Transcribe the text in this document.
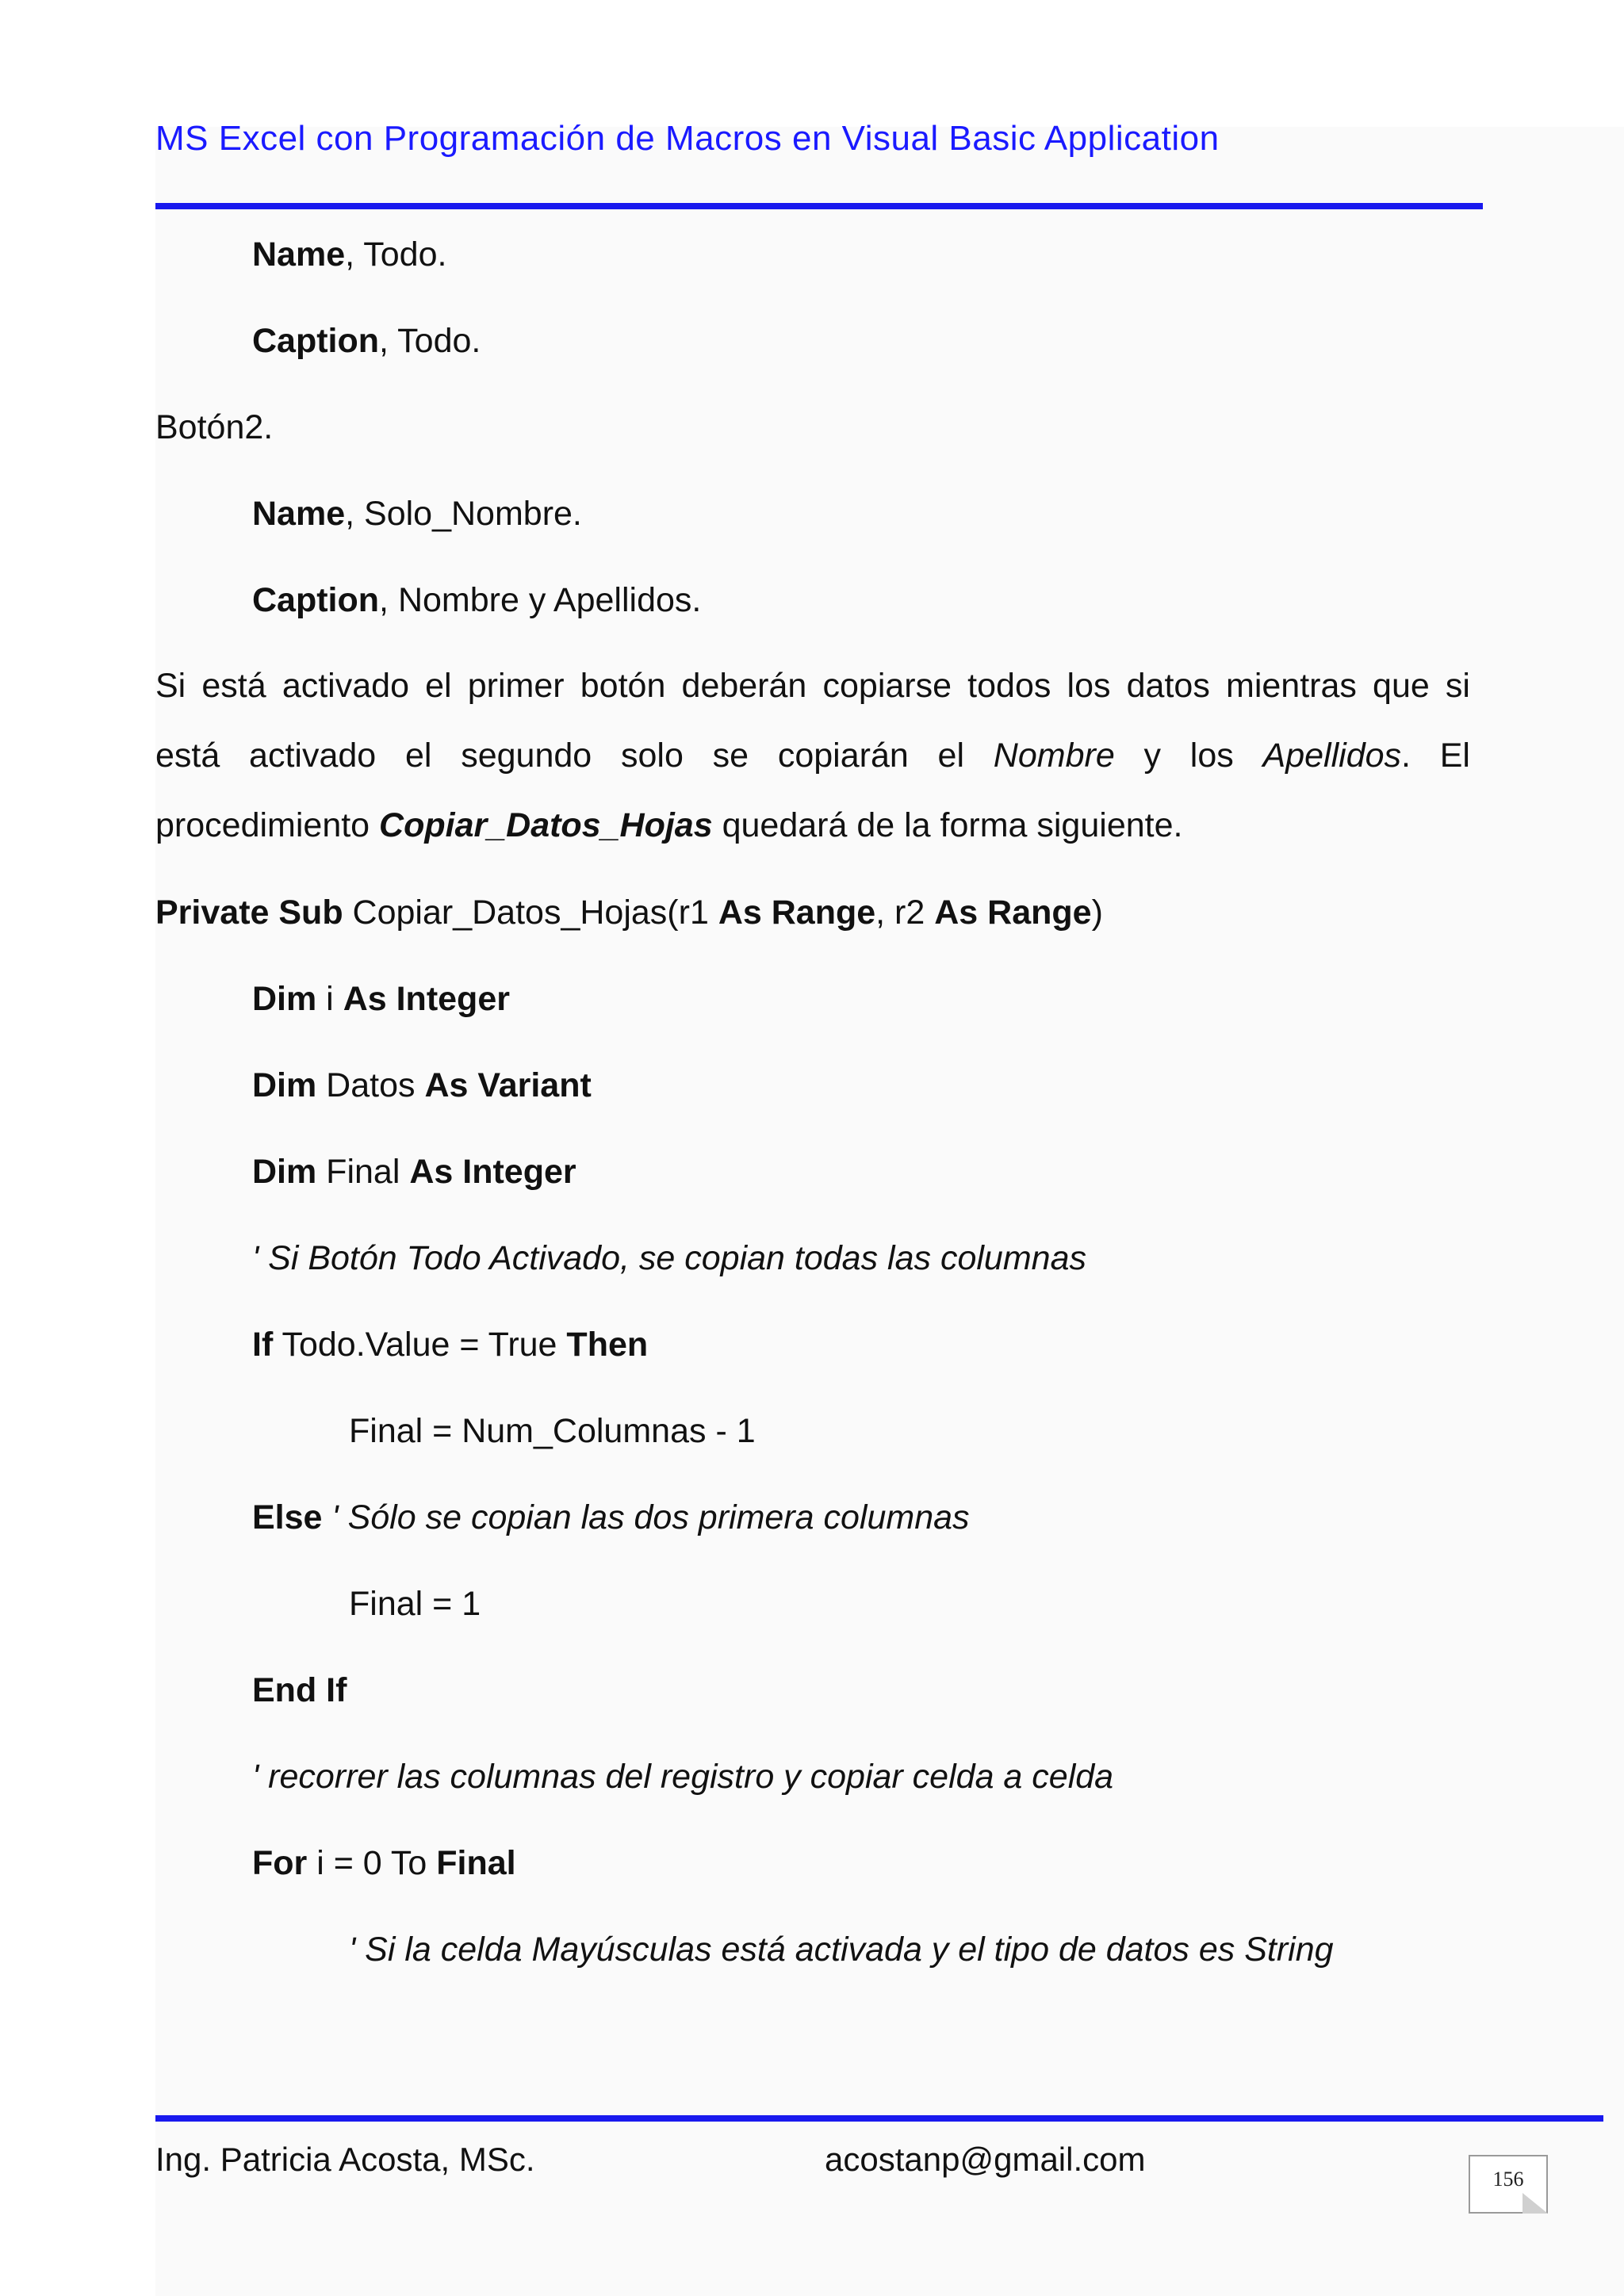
MS Excel con Programación de Macros en Visual Basic Application
Name, Todo.
Caption, Todo.
Botón2.
Name, Solo_Nombre.
Caption, Nombre y Apellidos.
Si está activado el primer botón deberán copiarse todos los datos mientras que si
está activado el segundo solo se copiarán el Nombre y los Apellidos. El
procedimiento Copiar_Datos_Hojas quedará de la forma siguiente.
Private Sub Copiar_Datos_Hojas(r1 As Range, r2 As Range)
Dim i As Integer
Dim Datos As Variant
Dim Final As Integer
' Si Botón Todo Activado, se copian todas las columnas
If Todo.Value = True Then
Final = Num_Columnas - 1
Else ' Sólo se copian las dos primera columnas
Final = 1
End If
' recorrer las columnas del registro y copiar celda a celda
For i = 0 To Final
' Si la celda Mayúsculas está activada y el tipo de datos es String
Ing. Patricia Acosta, MSc.	acostanp@gmail.com
156
